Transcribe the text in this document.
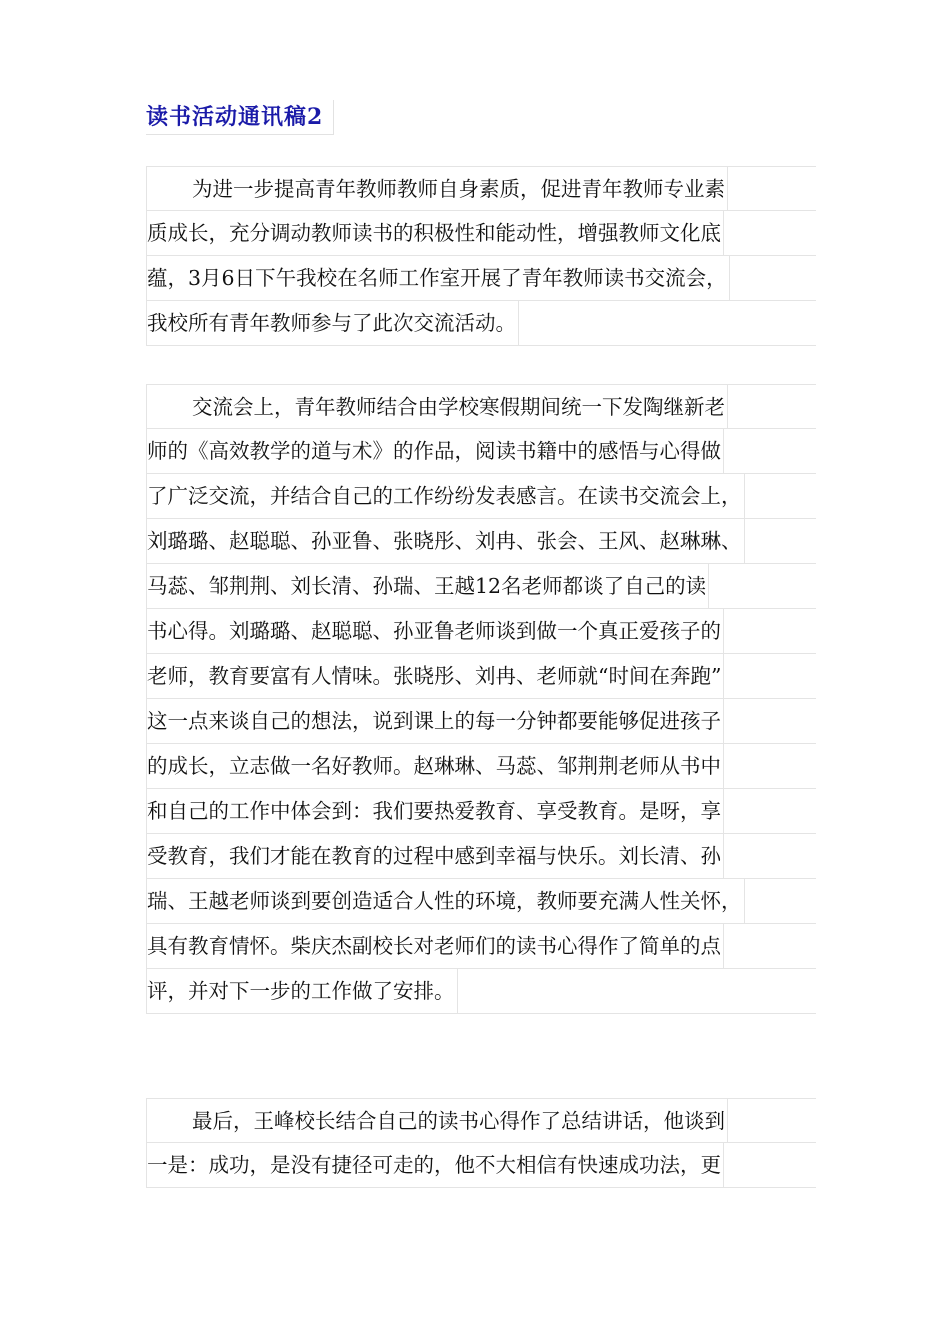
读书活动通讯稿2
为进一步提高青年教师教师自身素质，促进青年教师专业素
质成长，充分调动教师读书的积极性和能动性，增强教师文化底
蕴，3月6日下午我校在名师工作室开展了青年教师读书交流会，
我校所有青年教师参与了此次交流活动。
交流会上，青年教师结合由学校寒假期间统一下发陶继新老
师的《高效教学的道与术》的作品，阅读书籍中的感悟与心得做
了广泛交流，并结合自己的工作纷纷发表感言。在读书交流会上，
刘璐璐、赵聪聪、孙亚鲁、张晓彤、刘冉、张会、王风、赵琳琳、
马蕊、邹荆荆、刘长清、孙瑞、王越12名老师都谈了自己的读
书心得。刘璐璐、赵聪聪、孙亚鲁老师谈到做一个真正爱孩子的
老师，教育要富有人情味。张晓彤、刘冉、老师就“时间在奔跑”
这一点来谈自己的想法，说到课上的每一分钟都要能够促进孩子
的成长，立志做一名好教师。赵琳琳、马蕊、邹荆荆老师从书中
和自己的工作中体会到：我们要热爱教育、享受教育。是呀，享
受教育，我们才能在教育的过程中感到幸福与快乐。刘长清、孙
瑞、王越老师谈到要创造适合人性的环境，教师要充满人性关怀，
具有教育情怀。柴庆杰副校长对老师们的读书心得作了简单的点
评，并对下一步的工作做了安排。
最后，王峰校长结合自己的读书心得作了总结讲话，他谈到
一是：成功，是没有捷径可走的，他不大相信有快速成功法，更
